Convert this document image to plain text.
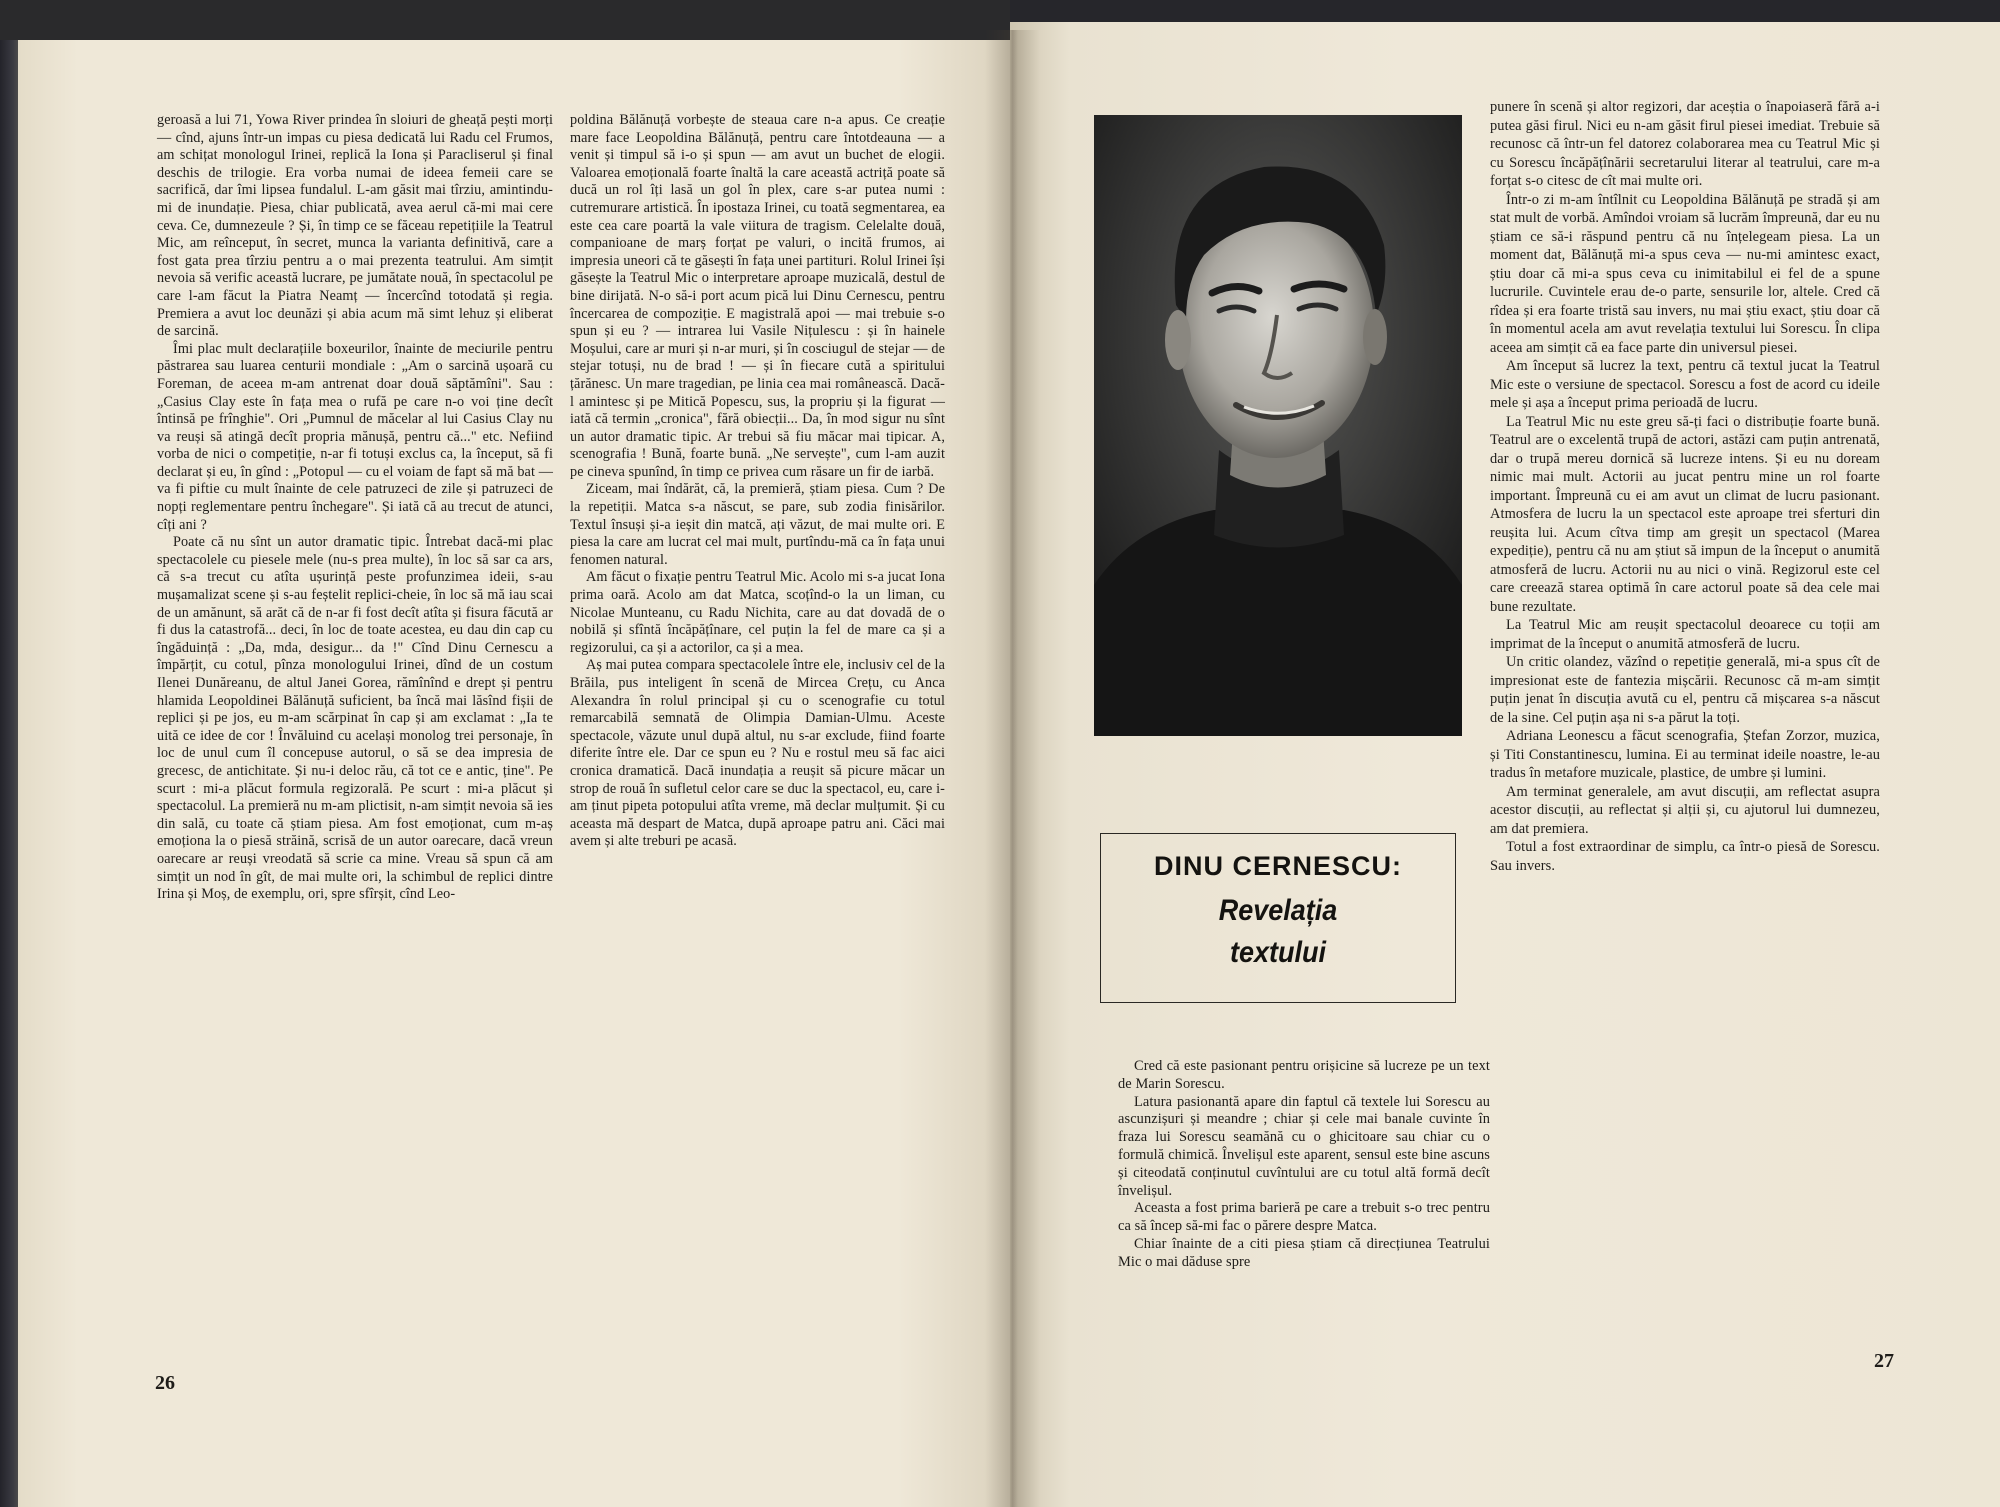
geroasă a lui 71, Yowa River prindea în sloiuri de gheață pești morți — cînd, ajuns într-un impas cu piesa dedicată lui Radu cel Frumos, am schițat monologul Irinei, replică la Iona și Paracliserul și final deschis de trilogie. Era vorba numai de ideea femeii care se sacrifică, dar îmi lipsea fundalul. L-am găsit mai tîrziu, amintindu-mi de inundație. Piesa, chiar publicată, avea aerul că-mi mai cere ceva. Ce, dumnezeule ? Și, în timp ce se făceau repetițiile la Teatrul Mic, am reînceput, în secret, munca la varianta definitivă, care a fost gata prea tîrziu pentru a o mai prezenta teatrului. Am simțit nevoia să verific această lucrare, pe jumătate nouă, în spectacolul pe care l-am făcut la Piatra Neamț — încercînd totodată și regia. Premiera a avut loc deunăzi și abia acum mă simt lehuz și eliberat de sarcină.

Îmi plac mult declarațiile boxeurilor, înainte de meciurile pentru păstrarea sau luarea centurii mondiale : „Am o sarcină ușoară cu Foreman, de aceea m-am antrenat doar două săptămîni". Sau : „Casius Clay este în fața mea o rufă pe care n-o voi ține decît întinsă pe frînghie". Ori „Pumnul de măcelar al lui Casius Clay nu va reuși să atingă decît propria mănușă, pentru că..." etc. Nefiind vorba de nici o competiție, n-ar fi totuși exclus ca, la început, să fi declarat și eu, în gînd : „Potopul — cu el voiam de fapt să mă bat — va fi piftie cu mult înainte de cele patruzeci de zile și patruzeci de nopți reglementare pentru închegare". Și iată că au trecut de atunci, cîți ani ?

Poate că nu sînt un autor dramatic tipic. Întrebat dacă-mi plac spectacolele cu piesele mele (nu-s prea multe), în loc să sar ca ars, că s-a trecut cu atîta ușurință peste profunzimea ideii, s-au mușamalizat scene și s-au feștelit replici-cheie, în loc să mă iau scai de un amănunt, să arăt că de n-ar fi fost decît atîta și fisura făcută ar fi dus la catastrofă... deci, în loc de toate acestea, eu dau din cap cu îngăduință : „Da, mda, desigur... da !" Cînd Dinu Cernescu a împărțit, cu cotul, pînza monologului Irinei, dînd de un costum Ilenei Dunăreanu, de altul Janei Gorea, rămînînd e drept și pentru hlamida Leopoldinei Bălănuță suficient, ba încă mai lăsînd fișii de replici și pe jos, eu m-am scărpinat în cap și am exclamat : „Ia te uită ce idee de cor ! Învăluind cu același monolog trei personaje, în loc de unul cum îl concepuse autorul, o să se dea impresia de grecesc, de antichitate. Și nu-i deloc rău, că tot ce e antic, ține". Pe scurt : mi-a plăcut formula regizorală. Pe scurt : mi-a plăcut și spectacolul. La premieră nu m-am plictisit, n-am simțit nevoia să ies din sală, cu toate că știam piesa. Am fost emoționat, cum m-aș emoționa la o piesă străină, scrisă de un autor oarecare, dacă vreun oarecare ar reuși vreodată să scrie ca mine. Vreau să spun că am simțit un nod în gît, de mai multe ori, la schimbul de replici dintre Irina și Moș, de exemplu, ori, spre sfîrșit, cînd Leo-

poldina Bălănuță vorbește de steaua care n-a apus. Ce creație mare face Leopoldina Bălănuță, pentru care întotdeauna — a venit și timpul să i-o și spun — am avut un buchet de elogii. Valoarea emoțională foarte înaltă la care această actriță poate să ducă un rol îți lasă un gol în plex, care s-ar putea numi : cutremurare artistică. În ipostaza Irinei, cu toată segmentarea, ea este cea care poartă la vale viitura de tragism. Celelalte două, companioane de marș forțat pe valuri, o incită frumos, ai impresia uneori că te găsești în fața unei partituri. Rolul Irinei își găsește la Teatrul Mic o interpretare aproape muzicală, destul de bine dirijată. N-o să-i port acum pică lui Dinu Cernescu, pentru încercarea de compoziție. E magistrală apoi — mai trebuie s-o spun și eu ? — intrarea lui Vasile Nițulescu : și în hainele Moșului, care ar muri și n-ar muri, și în cosciugul de stejar — de stejar totuși, nu de brad ! — și în fiecare cută a spiritului țărănesc. Un mare tragedian, pe linia cea mai românească. Dacă-l amintesc și pe Mitică Popescu, sus, la propriu și la figurat — iată că termin „cronica", fără obiecții... Da, în mod sigur nu sînt un autor dramatic tipic. Ar trebui să fiu măcar mai tipicar. A, scenografia ! Bună, foarte bună. „Ne servește", cum l-am auzit pe cineva spunînd, în timp ce privea cum răsare un fir de iarbă.

Ziceam, mai îndărăt, că, la premieră, știam piesa. Cum ? De la repetiții. Matca s-a născut, se pare, sub zodia finisărilor. Textul însuși și-a ieșit din matcă, ați văzut, de mai multe ori. E piesa la care am lucrat cel mai mult, purtîndu-mă ca în fața unui fenomen natural.

Am făcut o fixație pentru Teatrul Mic. Acolo mi s-a jucat Iona prima oară. Acolo am dat Matca, scoțînd-o la un liman, cu Nicolae Munteanu, cu Radu Nichita, care au dat dovadă de o nobilă și sfîntă încăpățînare, cel puțin la fel de mare ca și a regizorului, ca și a actorilor, ca și a mea.

Aș mai putea compara spectacolele între ele, inclusiv cel de la Brăila, pus inteligent în scenă de Mircea Crețu, cu Anca Alexandra în rolul principal și cu o scenografie cu totul remarcabilă semnată de Olimpia Damian-Ulmu. Aceste spectacole, văzute unul după altul, nu s-ar exclude, fiind foarte diferite între ele. Dar ce spun eu ? Nu e rostul meu să fac aici cronica dramatică. Dacă inundația a reușit să picure măcar un strop de rouă în sufletul celor care se duc la spectacol, eu, care i-am ținut pipeta potopului atîta vreme, mă declar mulțumit. Și cu aceasta mă despart de Matca, după aproape patru ani. Căci mai avem și alte treburi pe acasă.

26
DINU CERNESCU:
Revelația
textului

Cred că este pasionant pentru orișicine să lucreze pe un text de Marin Sorescu.

Latura pasionantă apare din faptul că textele lui Sorescu au ascunzișuri și meandre ; chiar și cele mai banale cuvinte în fraza lui Sorescu seamănă cu o ghicitoare sau chiar cu o formulă chimică. Învelișul este aparent, sensul este bine ascuns și citeodată conținutul cuvîntului are cu totul altă formă decît învelișul.

Aceasta a fost prima barieră pe care a trebuit s-o trec pentru ca să încep să-mi fac o părere despre Matca.

Chiar înainte de a citi piesa știam că direcțiunea Teatrului Mic o mai dăduse spre

punere în scenă și altor regizori, dar aceștia o înapoiaseră fără a-i putea găsi firul. Nici eu n-am găsit firul piesei imediat. Trebuie să recunosc că într-un fel datorez colaborarea mea cu Teatrul Mic și cu Sorescu încăpățînării secretarului literar al teatrului, care m-a forțat s-o citesc de cît mai multe ori.

Într-o zi m-am întîlnit cu Leopoldina Bălănuță pe stradă și am stat mult de vorbă. Amîndoi vroiam să lucrăm împreună, dar eu nu știam ce să-i răspund pentru că nu înțelegeam piesa. La un moment dat, Bălănuță mi-a spus ceva — nu-mi amintesc exact, știu doar că mi-a spus ceva cu inimitabilul ei fel de a spune lucrurile. Cuvintele erau de-o parte, sensurile lor, altele. Cred că rîdea și era foarte tristă sau invers, nu mai știu exact, știu doar că în momentul acela am avut revelația textului lui Sorescu. În clipa aceea am simțit că ea face parte din universul piesei.

Am început să lucrez la text, pentru că textul jucat la Teatrul Mic este o versiune de spectacol. Sorescu a fost de acord cu ideile mele și așa a început prima perioadă de lucru.

La Teatrul Mic nu este greu să-ți faci o distribuție foarte bună. Teatrul are o excelentă trupă de actori, astăzi cam puțin antrenată, dar o trupă mereu dornică să lucreze intens. Și eu nu doream nimic mai mult. Actorii au jucat pentru mine un rol foarte important. Împreună cu ei am avut un climat de lucru pasionant. Atmosfera de lucru la un spectacol este aproape trei sferturi din reușita lui. Acum cîtva timp am greșit un spectacol (Marea expediție), pentru că nu am știut să impun de la început o anumită atmosferă de lucru. Actorii nu au nici o vină. Regizorul este cel care creează starea optimă în care actorul poate să dea cele mai bune rezultate.

La Teatrul Mic am reușit spectacolul deoarece cu toții am imprimat de la început o anumită atmosferă de lucru.

Un critic olandez, văzînd o repetiție generală, mi-a spus cît de impresionat este de fantezia mișcării. Recunosc că m-am simțit puțin jenat în discuția avută cu el, pentru că mișcarea s-a născut de la sine. Cel puțin așa ni s-a părut la toți.

Adriana Leonescu a făcut scenografia, Ștefan Zorzor, muzica, și Titi Constantinescu, lumina. Ei au terminat ideile noastre, le-au tradus în metafore muzicale, plastice, de umbre și lumini.

Am terminat generalele, am avut discuții, am reflectat asupra acestor discuții, au reflectat și alții și, cu ajutorul lui dumnezeu, am dat premiera.

Totul a fost extraordinar de simplu, ca într-o piesă de Sorescu. Sau invers.

27
